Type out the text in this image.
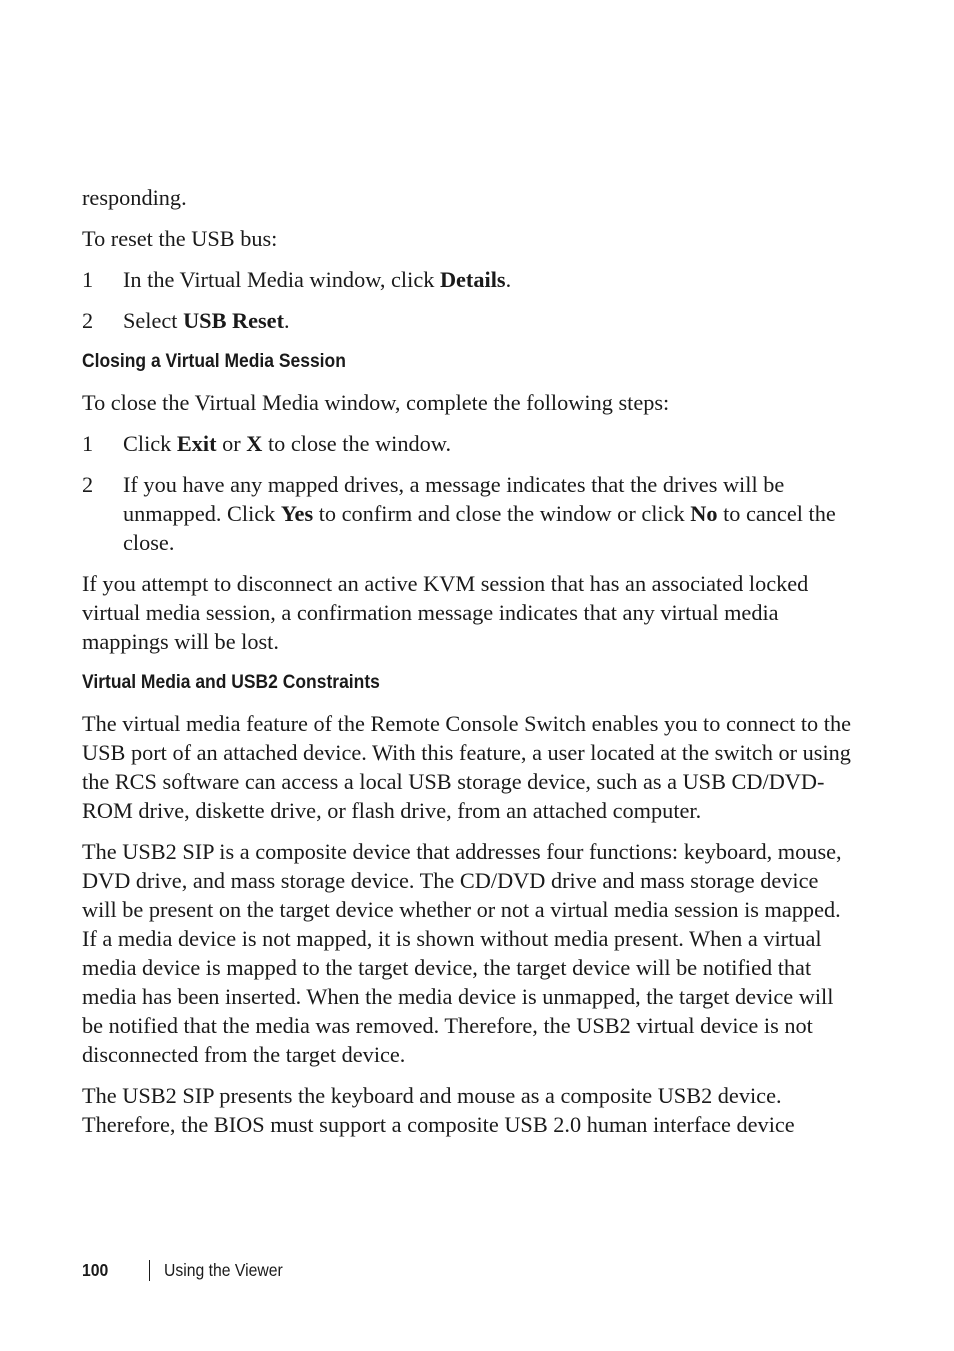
responding.

To reset the USB bus:

1	In the Virtual Media window, click Details.
2	Select USB Reset.
Closing a Virtual Media Session

To close the Virtual Media window, complete the following steps:

1	Click Exit or X to close the window.
2	If you have any mapped drives, a message indicates that the drives will be unmapped. Click Yes to confirm and close the window or click No to cancel the close.

If you attempt to disconnect an active KVM session that has an associated locked virtual media session, a confirmation message indicates that any virtual media mappings will be lost.

Virtual Media and USB2 Constraints

The virtual media feature of the Remote Console Switch enables you to connect to the USB port of an attached device. With this feature, a user located at the switch or using the RCS software can access a local USB storage device, such as a USB CD/DVD-ROM drive, diskette drive, or flash drive, from an attached computer.

The USB2 SIP is a composite device that addresses four functions: keyboard, mouse, DVD drive, and mass storage device. The CD/DVD drive and mass storage device will be present on the target device whether or not a virtual media session is mapped. If a media device is not mapped, it is shown without media present. When a virtual media device is mapped to the target device, the target device will be notified that media has been inserted. When the media device is unmapped, the target device will be notified that the media was removed. Therefore, the USB2 virtual device is not disconnected from the target device.

The USB2 SIP presents the keyboard and mouse as a composite USB2 device. Therefore, the BIOS must support a composite USB 2.0 human interface device

100	Using the Viewer
